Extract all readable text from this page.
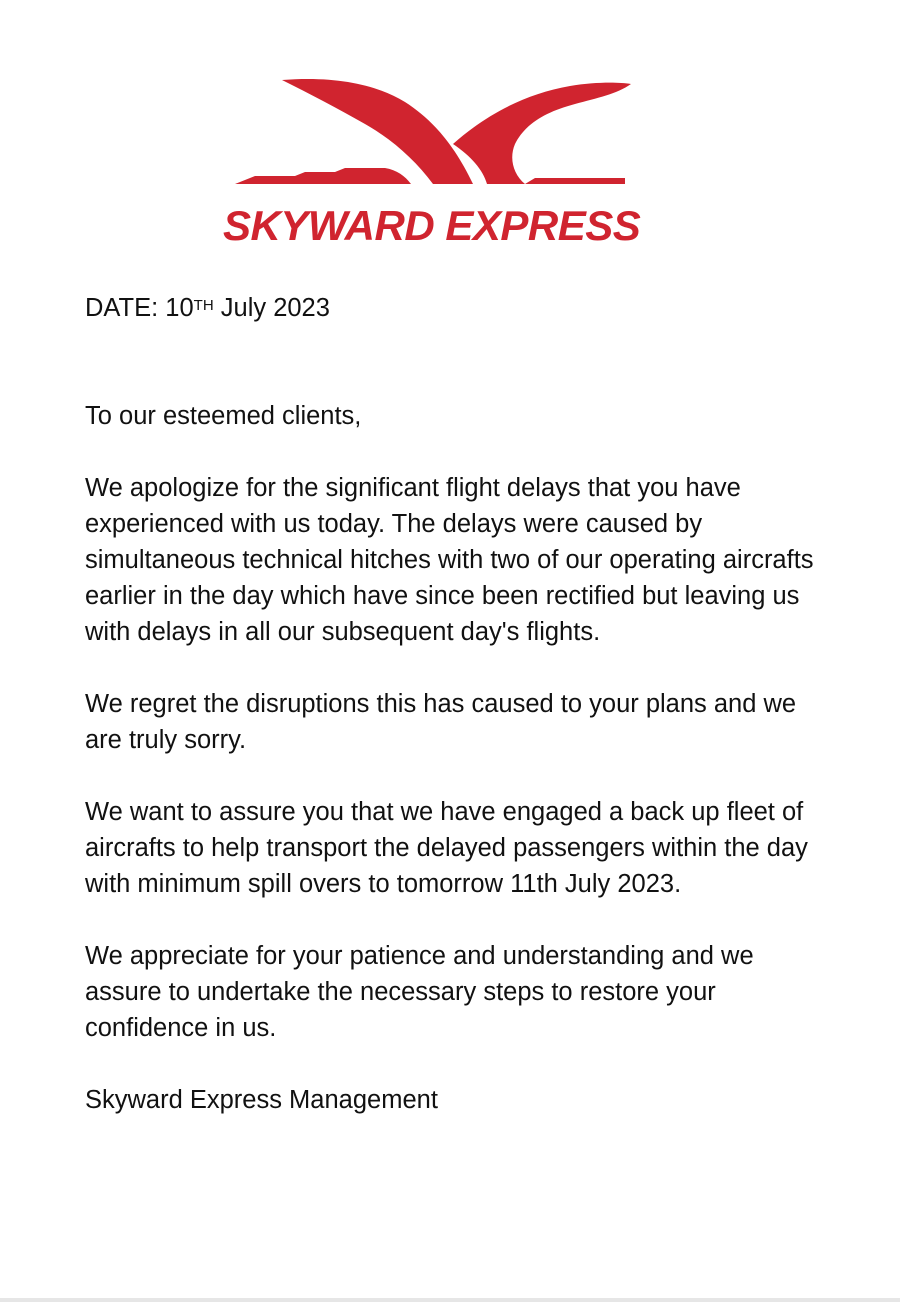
SKYWARD EXPRESS

DATE: 10TH July 2023

To our esteemed clients,

We apologize for the significant flight delays that you have experienced with us today. The delays were caused by simultaneous technical hitches with two of our operating aircrafts earlier in the day which have since been rectified but leaving us with delays in all our subsequent day's flights.

We regret the disruptions this has caused to your plans and we are truly sorry.

We want to assure you that we have engaged a back up fleet of aircrafts to help transport the delayed passengers within the day with minimum spill overs to tomorrow 11th July 2023.

We appreciate for your patience and understanding and we assure to undertake the necessary steps to restore your confidence in us.

Skyward Express Management
